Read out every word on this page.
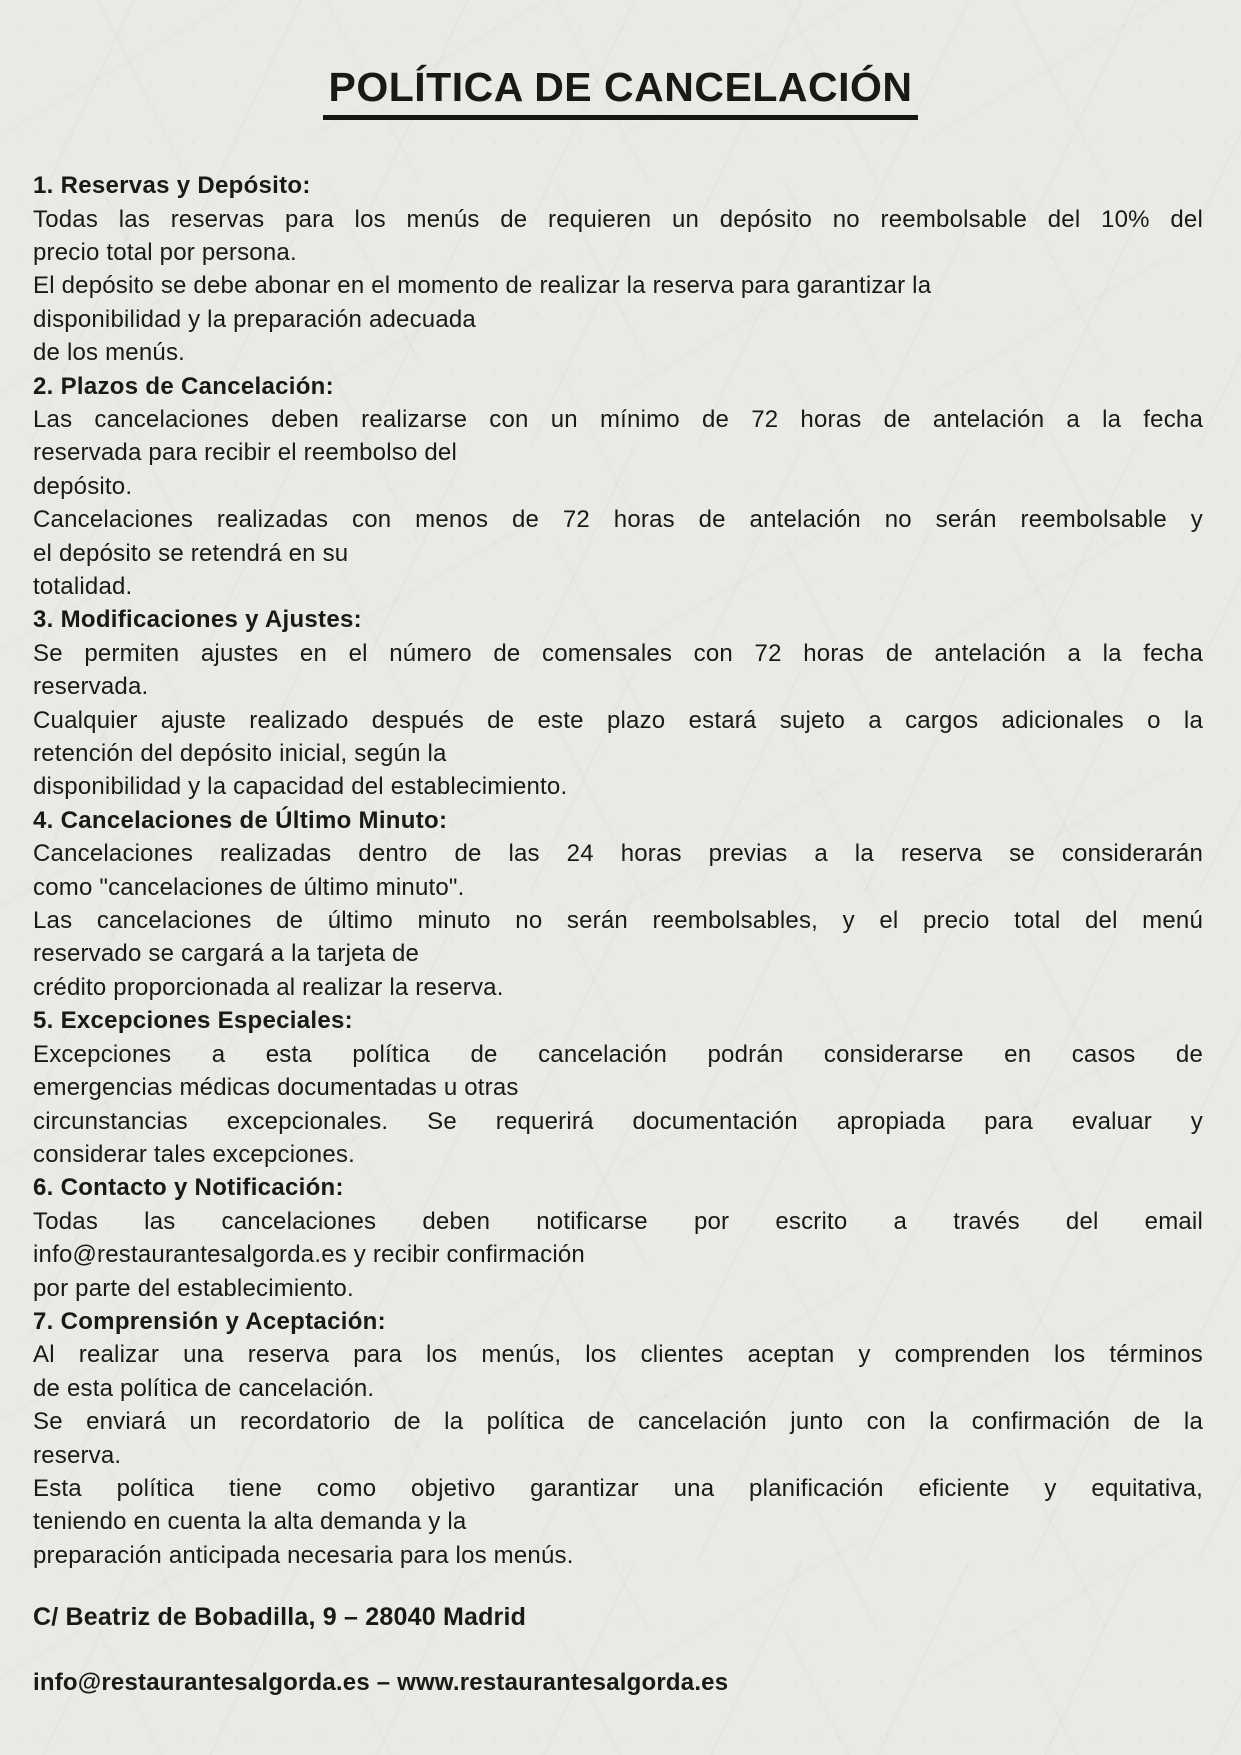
POLÍTICA DE CANCELACIÓN
1. Reservas y Depósito:
Todas las reservas para los menús de requieren un depósito no reembolsable del 10% del
precio total por persona.
El depósito se debe abonar en el momento de realizar la reserva para garantizar la
disponibilidad y la preparación adecuada
de los menús.
2. Plazos de Cancelación:
Las cancelaciones deben realizarse con un mínimo de 72 horas de antelación a la fecha
reservada para recibir el reembolso del
depósito.
Cancelaciones realizadas con menos de 72 horas de antelación no serán reembolsable y
el depósito se retendrá en su
totalidad.
3. Modificaciones y Ajustes:
Se permiten ajustes en el número de comensales con 72 horas de antelación a la fecha
reservada.
Cualquier ajuste realizado después de este plazo estará sujeto a cargos adicionales o la
retención del depósito inicial, según la
disponibilidad y la capacidad del establecimiento.
4. Cancelaciones de Último Minuto:
Cancelaciones realizadas dentro de las 24 horas previas a la reserva se considerarán
como "cancelaciones de último minuto".
Las cancelaciones de último minuto no serán reembolsables, y el precio total del menú
reservado se cargará a la tarjeta de
crédito proporcionada al realizar la reserva.
5. Excepciones Especiales:
Excepciones a esta política de cancelación podrán considerarse en casos de
emergencias médicas documentadas u otras
circunstancias excepcionales. Se requerirá documentación apropiada para evaluar y
considerar tales excepciones.
6. Contacto y Notificación:
Todas las cancelaciones deben notificarse por escrito a través del email
info@restaurantesalgorda.es y recibir confirmación
por parte del establecimiento.
7. Comprensión y Aceptación:
Al realizar una reserva para los menús, los clientes aceptan y comprenden los términos
de esta política de cancelación.
Se enviará un recordatorio de la política de cancelación junto con la confirmación de la
reserva.
Esta política tiene como objetivo garantizar una planificación eficiente y equitativa,
teniendo en cuenta la alta demanda y la
preparación anticipada necesaria para los menús.
C/ Beatriz de Bobadilla, 9 – 28040 Madrid
info@restaurantesalgorda.es – www.restaurantesalgorda.es
